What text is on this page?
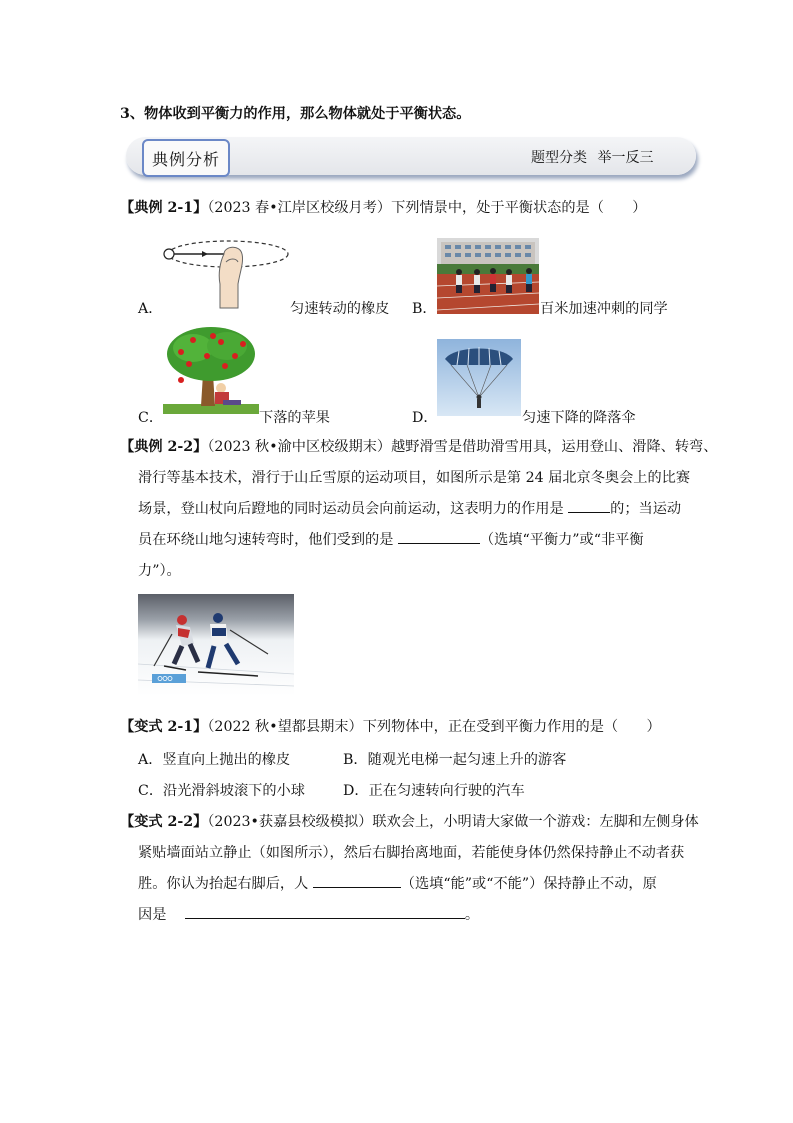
3、物体收到平衡力的作用，那么物体就处于平衡状态。
典例分析	题型分类 举一反三
【典例 2-1】（2023 春•江岸区校级月考）下列情景中，处于平衡状态的是（　　）
A．	匀速转动的橡皮 B．	百米加速冲刺的同学
C．	下落的苹果	D．	匀速下降的降落伞
【典例 2-2】（2023 秋•渝中区校级期末）越野滑雪是借助滑雪用具，运用登山、滑降、转弯、
滑行等基本技术，滑行于山丘雪原的运动项目，如图所示是第 24 届北京冬奥会上的比赛
场景，登山杖向后蹬地的同时运动员会向前运动，这表明力的作用是	的；当运动
员在环绕山地匀速转弯时，他们受到的是	（选填“平衡力”或“非平衡
力”）。
【变式 2-1】（2022 秋•望都县期末）下列物体中，正在受到平衡力作用的是（　　）
A．竖直向上抛出的橡皮	B．随观光电梯一起匀速上升的游客
C．沿光滑斜坡滚下的小球	D．正在匀速转向行驶的汽车
【变式 2-2】（2023•获嘉县校级模拟）联欢会上，小明请大家做一个游戏：左脚和左侧身体
紧贴墙面站立静止（如图所示），然后右脚抬离地面，若能使身体仍然保持静止不动者获
胜。你认为抬起右脚后，人	（选填“能”或“不能”）保持静止不动，原
因是	。
